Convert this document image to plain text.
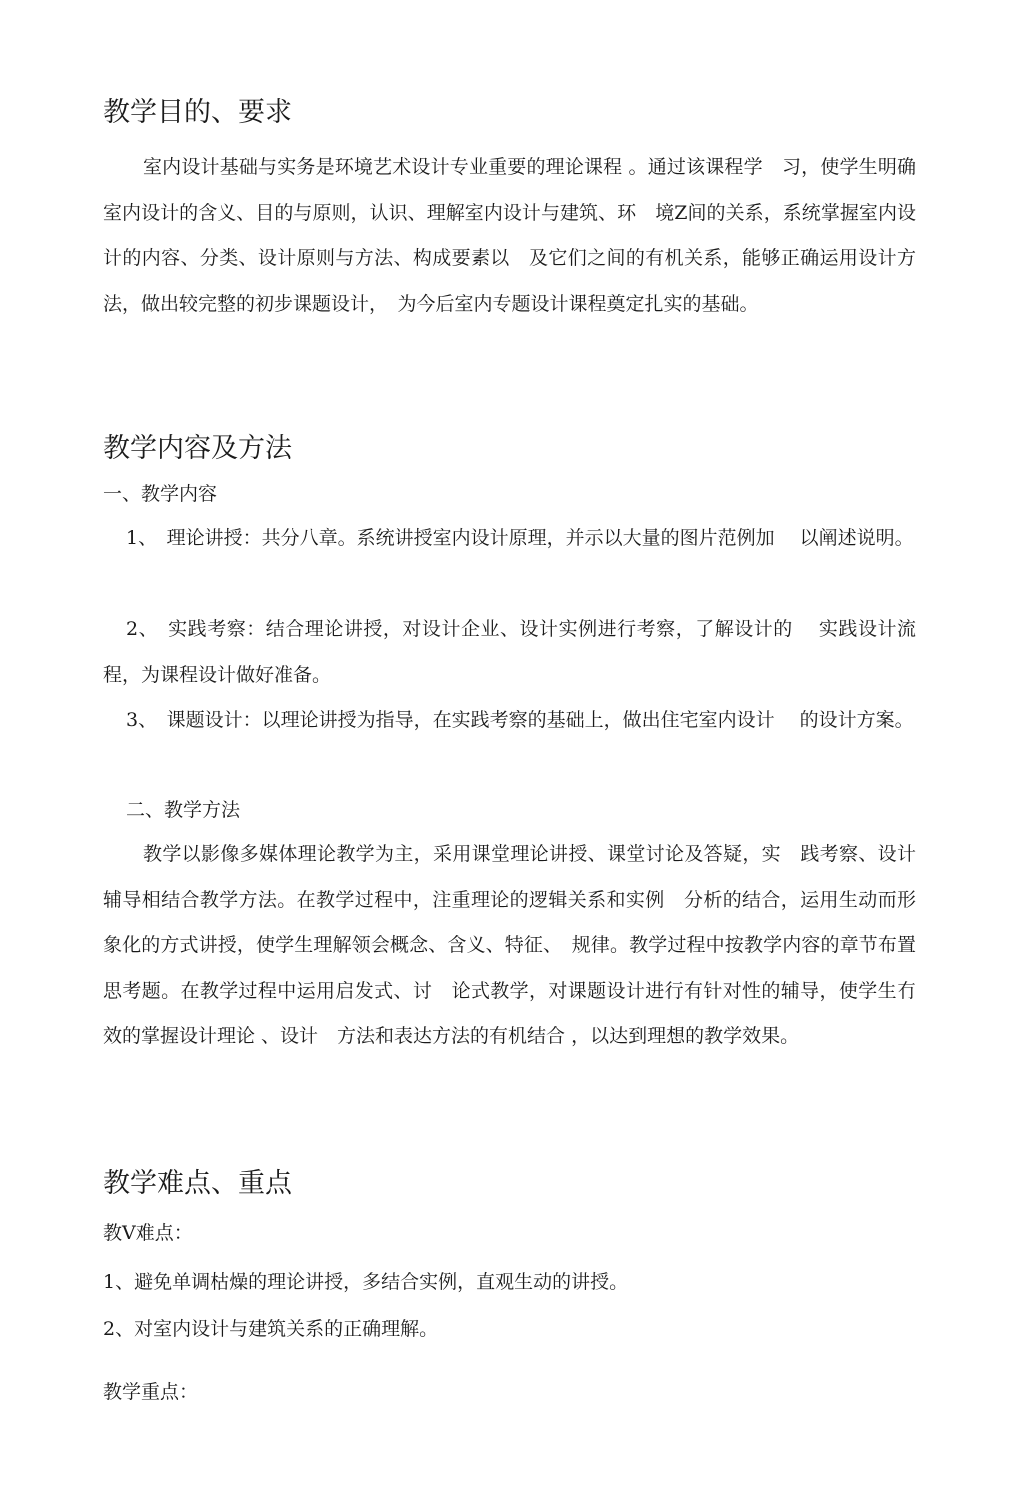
教学目的、要求
室内设计基础与实务是环境艺术设计专业重要的理论课程 。通过该课程学　习，使学生明确室内设计的含义、目的与原则，认识、理解室内设计与建筑、环　境Z间的关系，系统掌握室内设计的内容、分类、设计原则与方法、构成要素以　及它们之间的有机关系，能够正确运用设计方法，做出较完整的初步课题设计，　为今后室内专题设计课程奠定扎实的基础。
教学内容及方法
一、教学内容
1、　理论讲授：共分八章。系统讲授室内设计原理，并示以大量的图片范例加　 以阐述说明。
2、　实践考察：结合理论讲授，对设计企业、设计实例进行考察，了解设计的　 实践设计流程，为课程设计做好准备。
3、　课题设计：以理论讲授为指导，在实践考察的基础上，做出住宅室内设计　 的设计方案。
二、教学方法
教学以影像多媒体理论教学为主，采用课堂理论讲授、课堂讨论及答疑，实　践考察、设计辅导相结合教学方法。在教学过程中，注重理论的逻辑关系和实例　分析的结合，运用生动而形象化的方式讲授，使学生理解领会概念、含义、特征、　规律。教学过程中按教学内容的章节布置思考题。在教学过程中运用启发式、讨　论式教学，对课题设计进行有针对性的辅导，使学生冇效的掌握设计理论 、设计　方法和表达方法的有机结合 ，以达到理想的教学效果。
教学难点、重点
教V难点：
1、避免单调枯燥的理论讲授，多结合实例，直观生动的讲授。
2、对室内设计与建筑关系的正确理解。
教学重点：
